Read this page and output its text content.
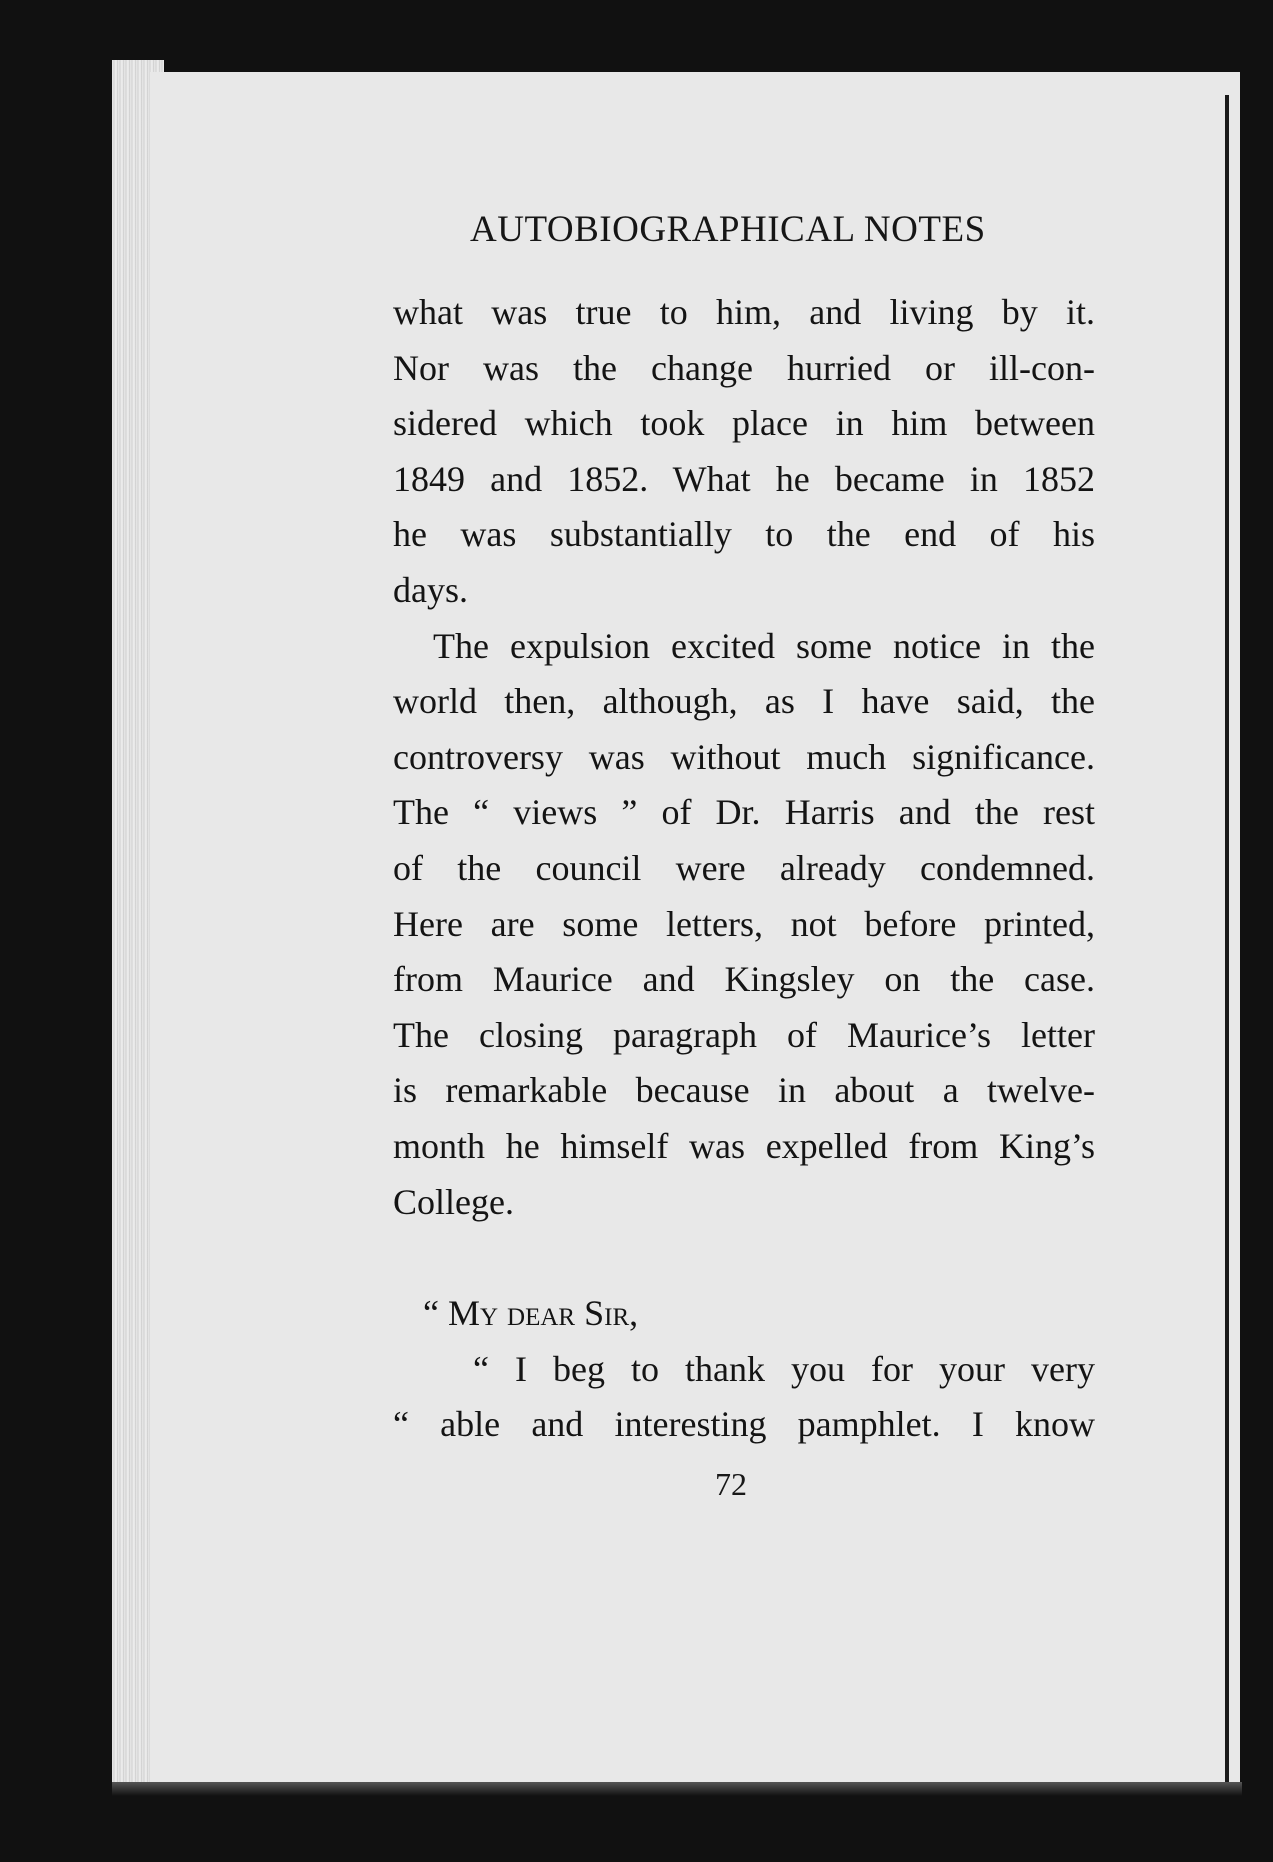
AUTOBIOGRAPHICAL NOTES
what was true to him, and living by it.
Nor was the change hurried or ill-con-
sidered which took place in him between
1849 and 1852. What he became in 1852
he was substantially to the end of his
days.
The expulsion excited some notice in the
world then, although, as I have said, the
controversy was without much significance.
The “ views ” of Dr. Harris and the rest
of the council were already condemned.
Here are some letters, not before printed,
from Maurice and Kingsley on the case.
The closing paragraph of Maurice’s letter
is remarkable because in about a twelve-
month he himself was expelled from King’s
College.
“ My dear Sir,
“ I beg to thank you for your very
“ able and interesting pamphlet. I know
72
